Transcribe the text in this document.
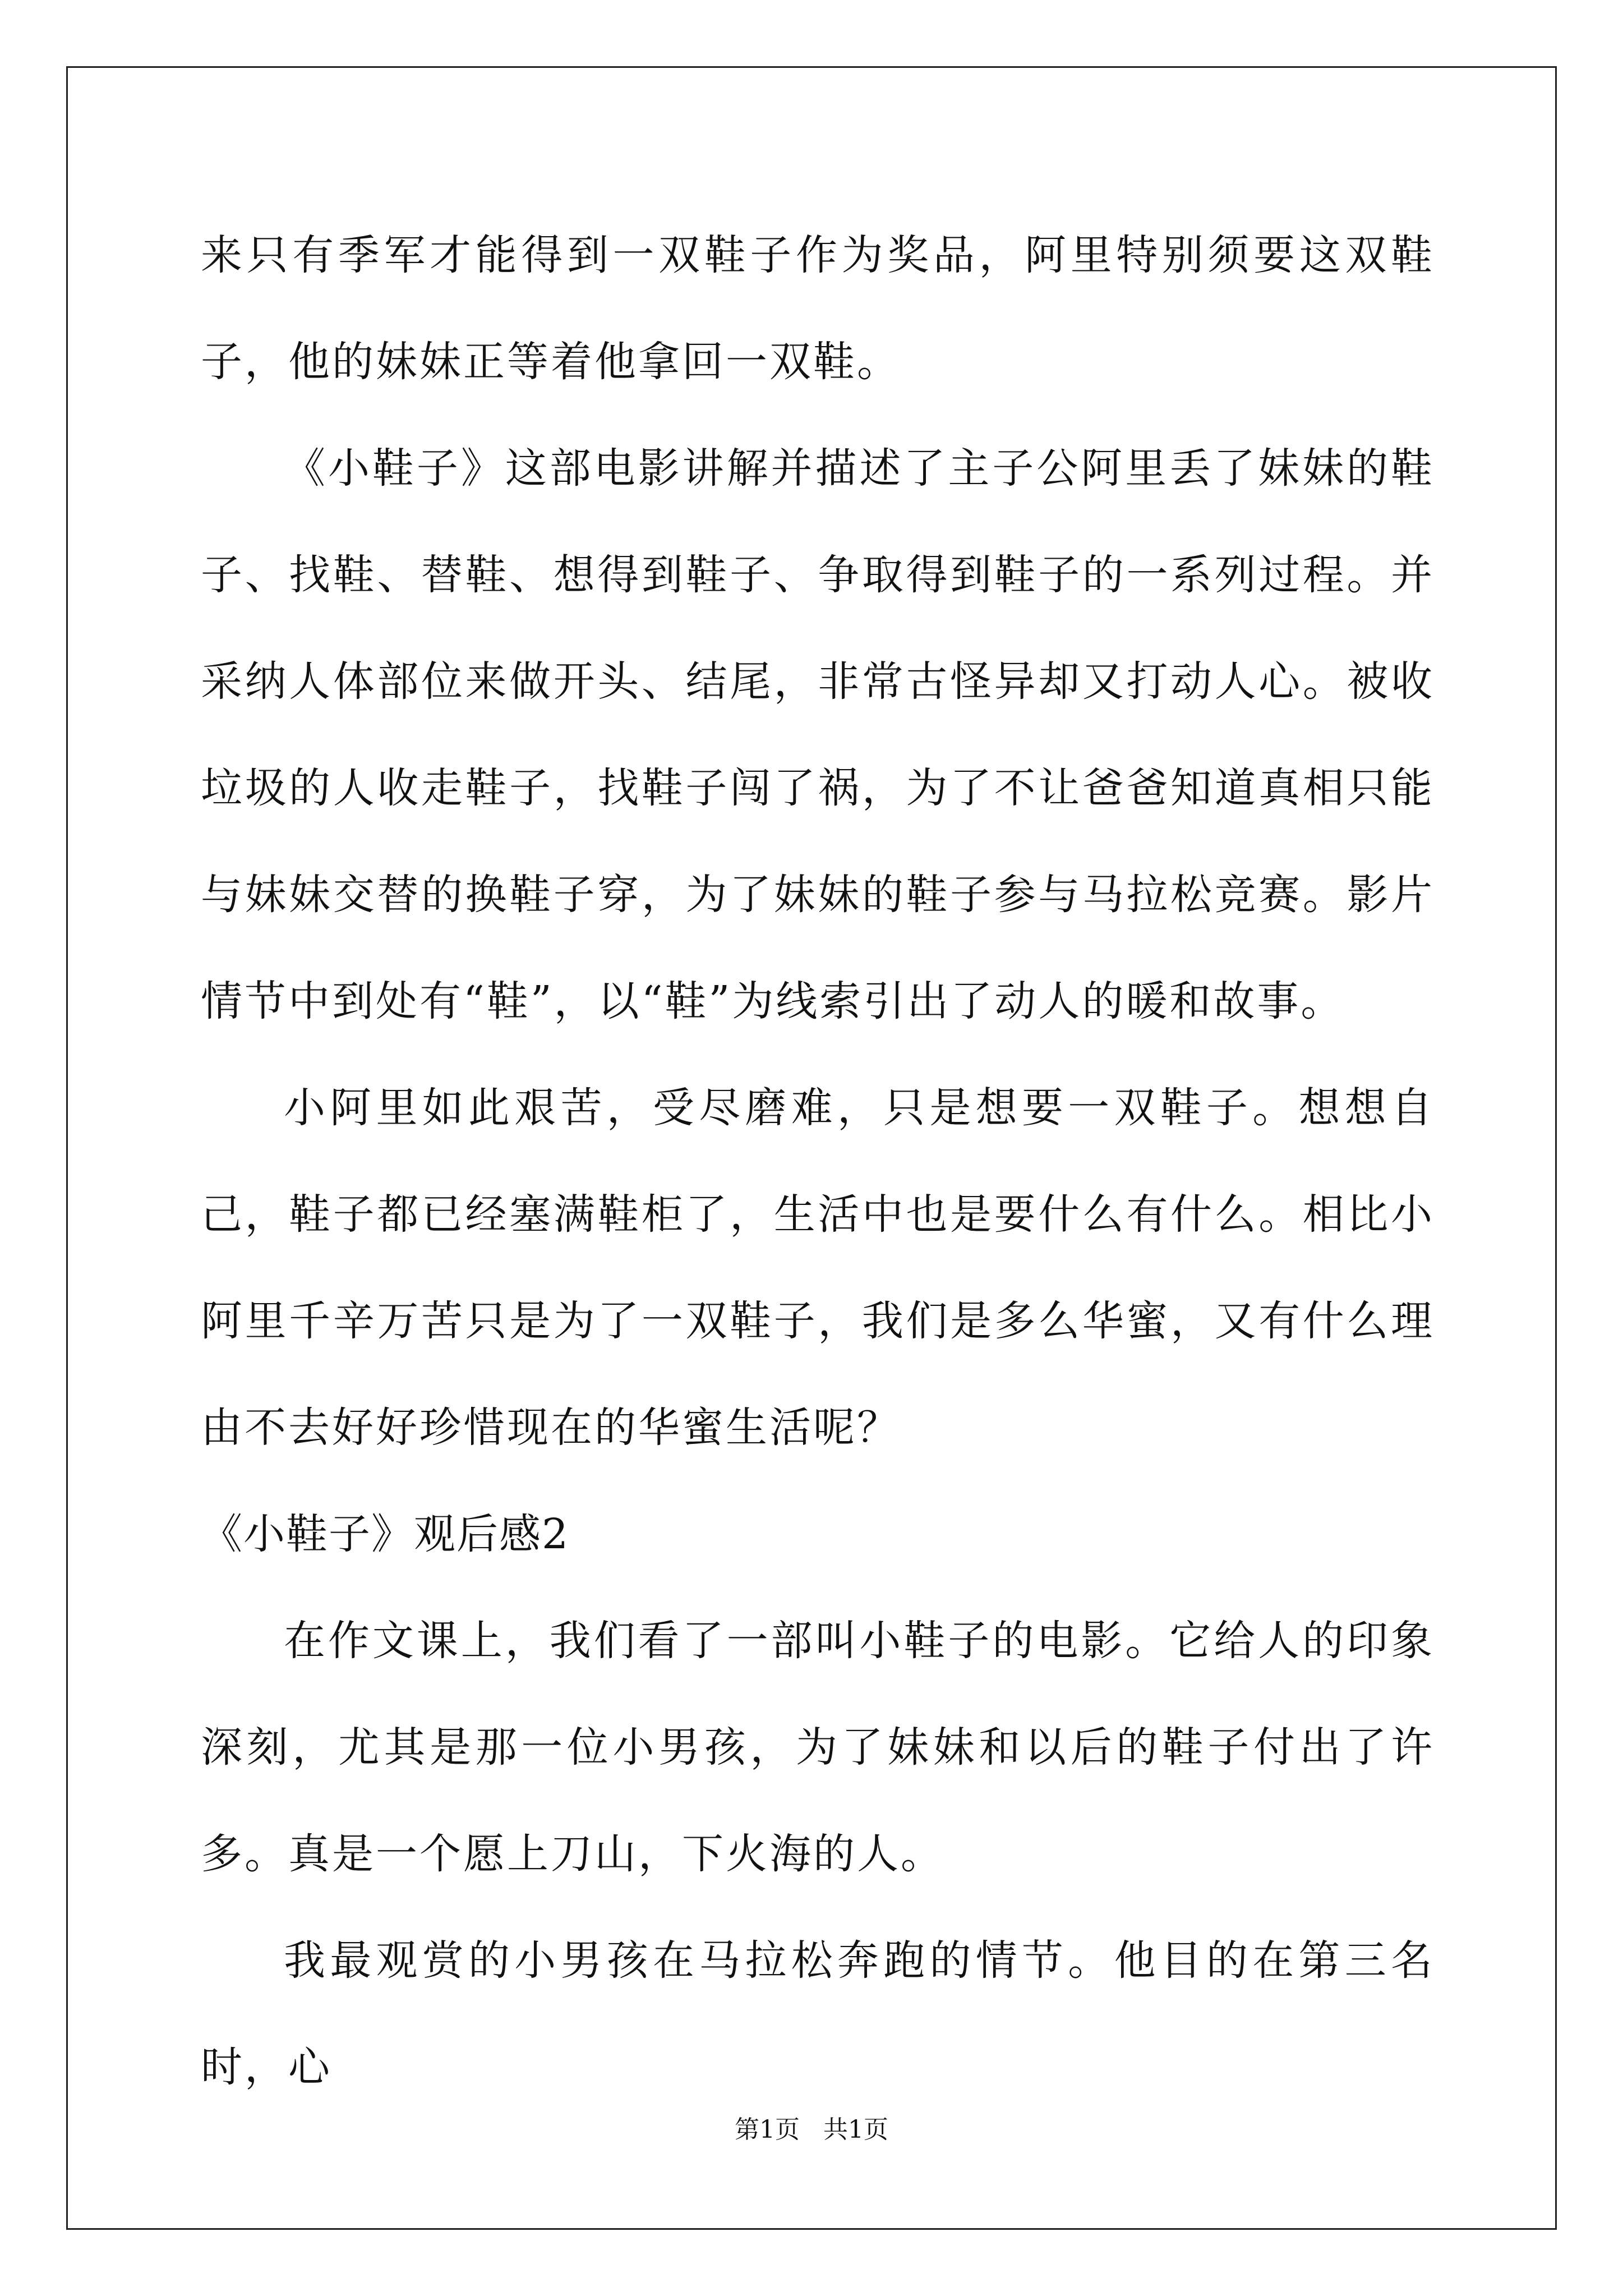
来只有季军才能得到一双鞋子作为奖品，阿里特别须要这双鞋子，他的妹妹正等着他拿回一双鞋。

《小鞋子》这部电影讲解并描述了主子公阿里丢了妹妹的鞋子、找鞋、替鞋、想得到鞋子、争取得到鞋子的一系列过程。并采纳人体部位来做开头、结尾，非常古怪异却又打动人心。被收垃圾的人收走鞋子，找鞋子闯了祸，为了不让爸爸知道真相只能与妹妹交替的换鞋子穿，为了妹妹的鞋子参与马拉松竞赛。影片情节中到处有“鞋”，以“鞋”为线索引出了动人的暖和故事。

小阿里如此艰苦，受尽磨难，只是想要一双鞋子。想想自己，鞋子都已经塞满鞋柜了，生活中也是要什么有什么。相比小阿里千辛万苦只是为了一双鞋子，我们是多么华蜜，又有什么理由不去好好珍惜现在的华蜜生活呢？

《小鞋子》观后感2

在作文课上，我们看了一部叫小鞋子的电影。它给人的印象深刻，尤其是那一位小男孩，为了妹妹和以后的鞋子付出了许多。真是一个愿上刀山，下火海的人。

我最观赏的小男孩在马拉松奔跑的情节。他目的在第三名时，心

第1页 共1页
